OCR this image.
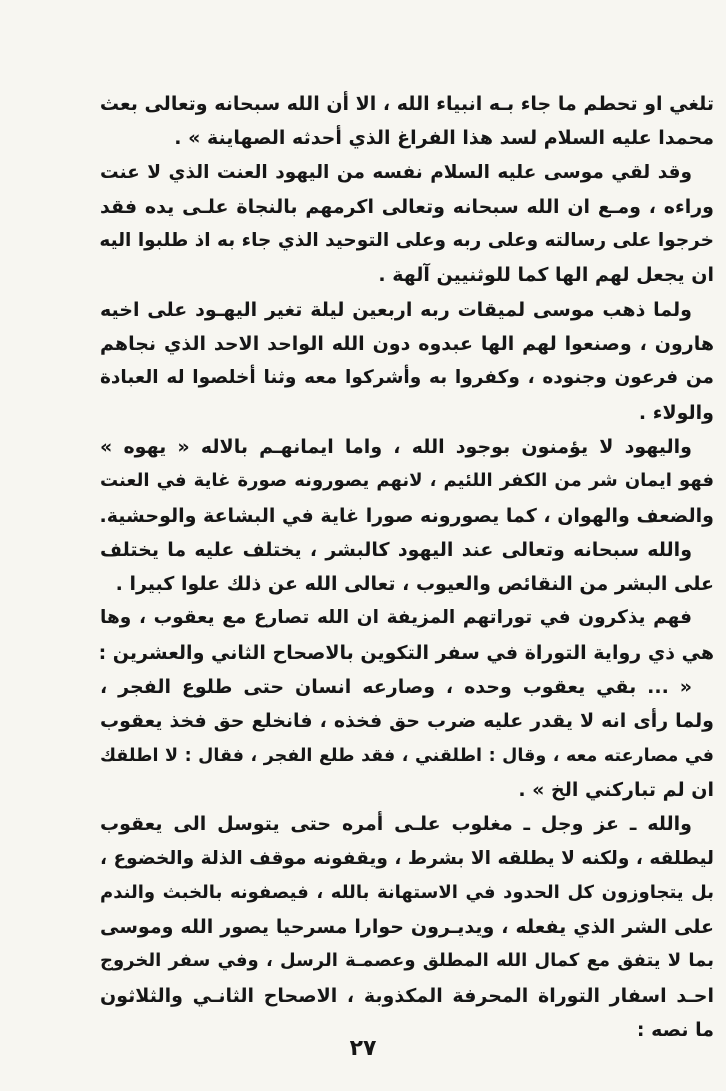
تلغي او تحطم ما جاء بـه انبياء الله ، الا أن الله سبحانه وتعالى بعث
محمدا عليه السلام لسد هذا الفراغ الذي أحدثه الصهاينة » .
وقد لقي موسى عليه السلام نفسه من اليهود العنت الذي لا عنت
وراءه ، ومـع ان الله سبحانه وتعالى اكرمهم بالنجاة علـى يده فقد
خرجوا على رسالته وعلى ربه وعلى التوحيد الذي جاء به اذ طلبوا اليه
ان يجعل لهم الها كما للوثنيين آلهة .
ولما ذهب موسى لميقات ربه اربعين ليلة تغير اليهـود على اخيه
هارون ، وصنعوا لهم الها عبدوه دون الله الواحد الاحد الذي نجاهم
من فرعون وجنوده ، وكفروا به وأشركوا معه وثنا أخلصوا له العبادة
والولاء .
واليهود لا يؤمنون بوجود الله ، واما ايمانهـم بالاله « يهوه »
فهو ايمان شر من الكفر اللئيم ، لانهم يصورونه صورة غاية في العنت
والضعف والهوان ، كما يصورونه صورا غاية في البشاعة والوحشية.
والله سبحانه وتعالى عند اليهود كالبشر ، يختلف عليه ما يختلف
على البشر من النقائص والعيوب ، تعالى الله عن ذلك علوا كبيرا .
فهم يذكرون في توراتهم المزيفة ان الله تصارع مع يعقوب ، وها
هي ذي رواية التوراة في سفر التكوين بالاصحاح الثاني والعشرين :
« ... بقي يعقوب وحده ، وصارعه انسان حتى طلوع الفجر ،
ولما رأى انه لا يقدر عليه ضرب حق فخذه ، فانخلع حق فخذ يعقوب
في مصارعته معه ، وقال : اطلقني ، فقد طلع الفجر ، فقال : لا اطلقك
ان لم تباركني الخ » .
والله ـ عز وجل ـ مغلوب علـى أمره حتى يتوسل الى يعقوب
ليطلقه ، ولكنه لا يطلقه الا بشرط ، ويقفونه موقف الذلة والخضوع ،
بل يتجاوزون كل الحدود في الاستهانة بالله ، فيصفونه بالخبث والندم
على الشر الذي يفعله ، ويديـرون حوارا مسرحيا يصور الله وموسى
بما لا يتفق مع كمال الله المطلق وعصمـة الرسل ، وفي سفر الخروج
احـد اسفار التوراة المحرفة المكذوبة ، الاصحاح الثانـي والثلاثون
ما نصه :
٢٧
